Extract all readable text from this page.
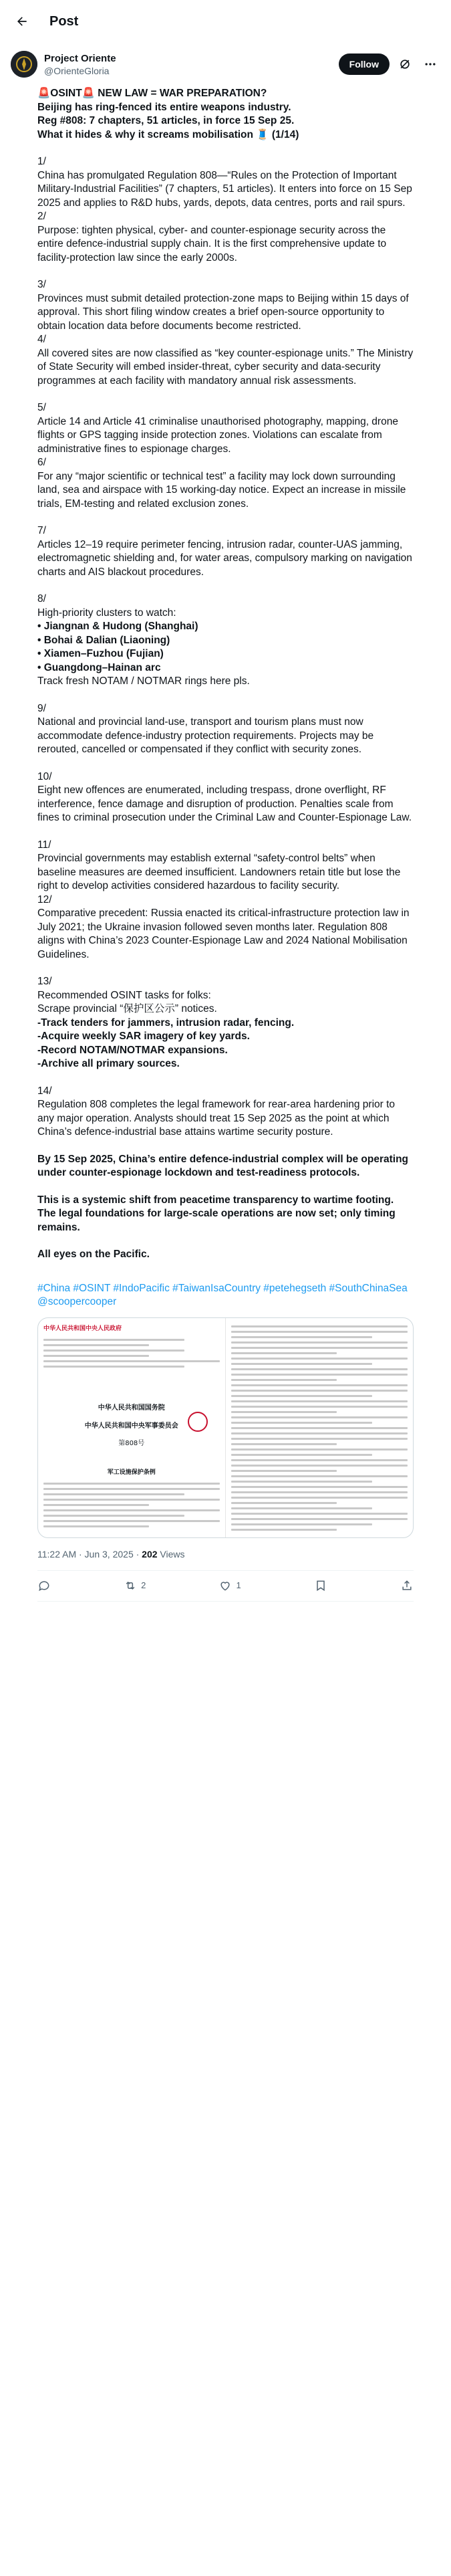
Post
Project Oriente
@OrienteGloria
Follow

🚨OSINT🚨 NEW LAW = WAR PREPARATION?

Beijing has ring-fenced its entire weapons industry.

Reg #808: 7 chapters, 51 articles, in force 15 Sep 25.

What it hides & why it screams mobilisation 🧵 (1/14)

1/

China has promulgated Regulation 808—“Rules on the Protection of Important Military-Industrial Facilities” (7 chapters, 51 articles). It enters into force on 15 Sep 2025 and applies to R&D hubs, yards, depots, data centres, ports and rail spurs.

2/

Purpose: tighten physical, cyber- and counter-espionage security across the entire defence-industrial supply chain. It is the first comprehensive update to facility-protection law since the early 2000s.

3/

Provinces must submit detailed protection-zone maps to Beijing within 15 days of approval. This short filing window creates a brief open-source opportunity to obtain location data before documents become restricted.

4/

All covered sites are now classified as “key counter-espionage units.” The Ministry of State Security will embed insider-threat, cyber security and data-security programmes at each facility with mandatory annual risk assessments.

5/

Article 14 and Article 41 criminalise unauthorised photography, mapping, drone flights or GPS tagging inside protection zones. Violations can escalate from administrative fines to espionage charges.

6/

For any “major scientific or technical test” a facility may lock down surrounding land, sea and airspace with 15 working-day notice. Expect an increase in missile trials, EM-testing and related exclusion zones.

7/

Articles 12–19 require perimeter fencing, intrusion radar, counter-UAS jamming, electromagnetic shielding and, for water areas, compulsory marking on navigation charts and AIS blackout procedures.

8/

High-priority clusters to watch:

• Jiangnan & Hudong (Shanghai)

• Bohai & Dalian (Liaoning)

• Xiamen–Fuzhou (Fujian)

• Guangdong–Hainan arc

Track fresh NOTAM / NOTMAR rings here pls.

9/

National and provincial land-use, transport and tourism plans must now accommodate defence-industry protection requirements. Projects may be rerouted, cancelled or compensated if they conflict with security zones.

10/

Eight new offences are enumerated, including trespass, drone overflight, RF interference, fence damage and disruption of production. Penalties scale from fines to criminal prosecution under the Criminal Law and Counter-Espionage Law.

11/

Provincial governments may establish external “safety-control belts” when baseline measures are deemed insufficient. Landowners retain title but lose the right to develop activities considered hazardous to facility security.

12/

Comparative precedent: Russia enacted its critical-infrastructure protection law in July 2021; the Ukraine invasion followed seven months later. Regulation 808 aligns with China’s 2023 Counter-Espionage Law and 2024 National Mobilisation Guidelines.

13/

Recommended OSINT tasks for folks:

Scrape provincial “保护区公示” notices.

-Track tenders for jammers, intrusion radar, fencing.

-Acquire weekly SAR imagery of key yards.

-Record NOTAM/NOTMAR expansions.

-Archive all primary sources.

14/

Regulation 808 completes the legal framework for rear-area hardening prior to any major operation. Analysts should treat 15 Sep 2025 as the point at which China’s defence-industrial base attains wartime security posture.

By 15 Sep 2025, China’s entire defence-industrial complex will be operating under counter-espionage lockdown and test-readiness protocols.

This is a systemic shift from peacetime transparency to wartime footing. The legal foundations for large-scale operations are now set; only timing remains.

All eyes on the Pacific.

#China #OSINT #IndoPacific #TaiwanIsaCountry #petehegseth #SouthChinaSea @scoopercooper

中华人民共和国中央人民政府
中华人民共和国国务院
中华人民共和国中央军事委员会
第808号
军工设施保护条例
11:22 AM · Jun 3, 2025 · 202 Views
2	1
